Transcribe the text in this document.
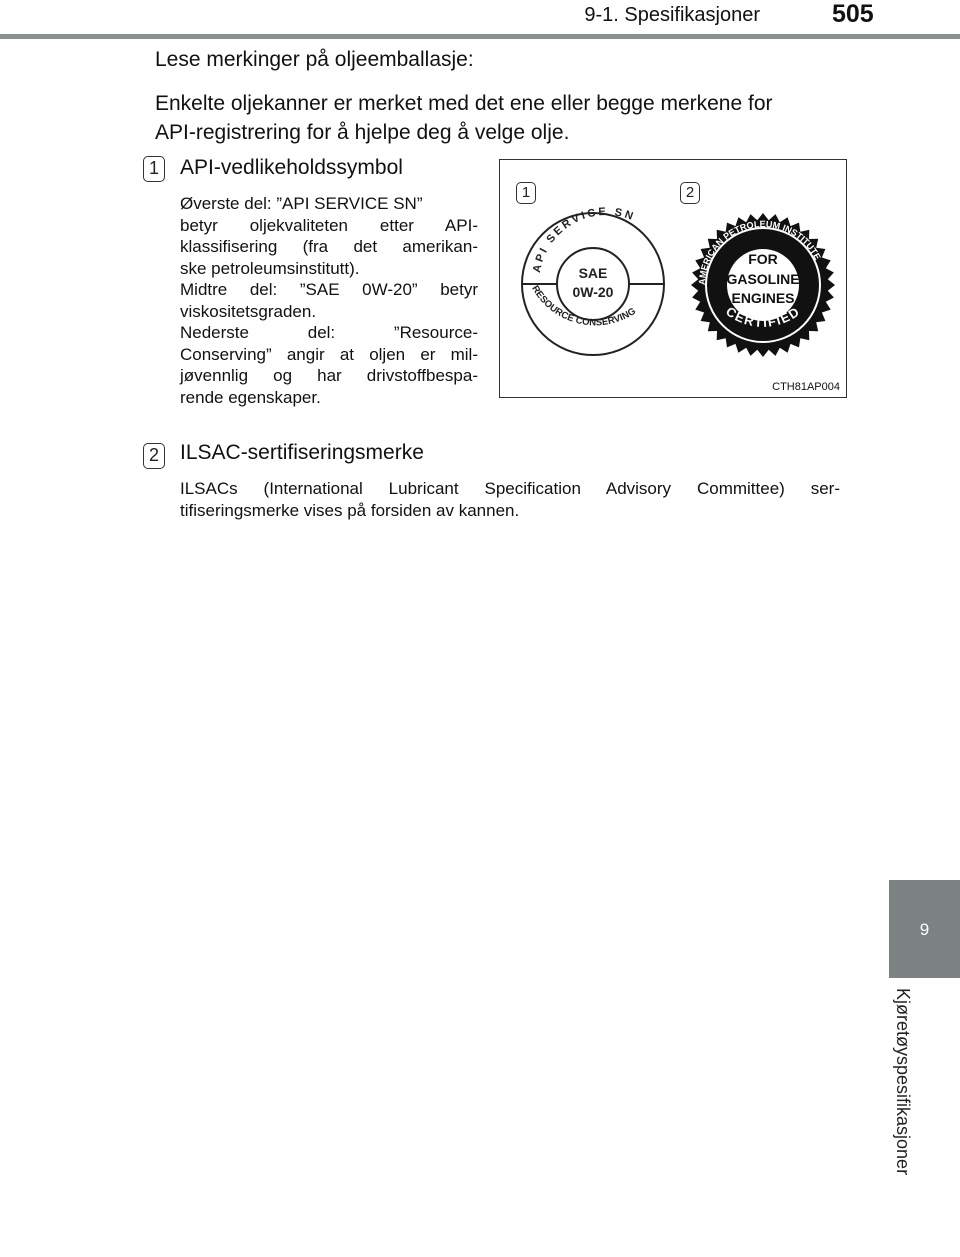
9-1. Spesifikasjoner	505
9
Kjøretøyspesifikasjoner
Lese merkinger på oljeemballasje:
Enkelte oljekanner er merket med det ene eller begge merkene for
API-registrering for å hjelpe deg å velge olje.
1 API-vedlikeholdssymbol
Øverste del: ”API SERVICE SN”
betyr oljekvaliteten etter API-
klassifisering (fra det amerikan-
ske petroleumsinstitutt).
Midtre del: ”SAE 0W-20” betyr
viskositetsgraden.
Nederste del: ”Resource-
Conserving” angir at oljen er mil-
jøvennlig og har drivstoffbespa-
rende egenskaper.
1	2
API SERVICE SN
RESOURCE CONSERVING
SAE
0W-20
AMERICAN PETROLEUM INSTITUTE
CERTIFIED
FOR
GASOLINE
ENGINES
CTH81AP004
2 ILSAC-sertifiseringsmerke
ILSACs (International Lubricant Specification Advisory Committee) ser-
tifiseringsmerke vises på forsiden av kannen.
